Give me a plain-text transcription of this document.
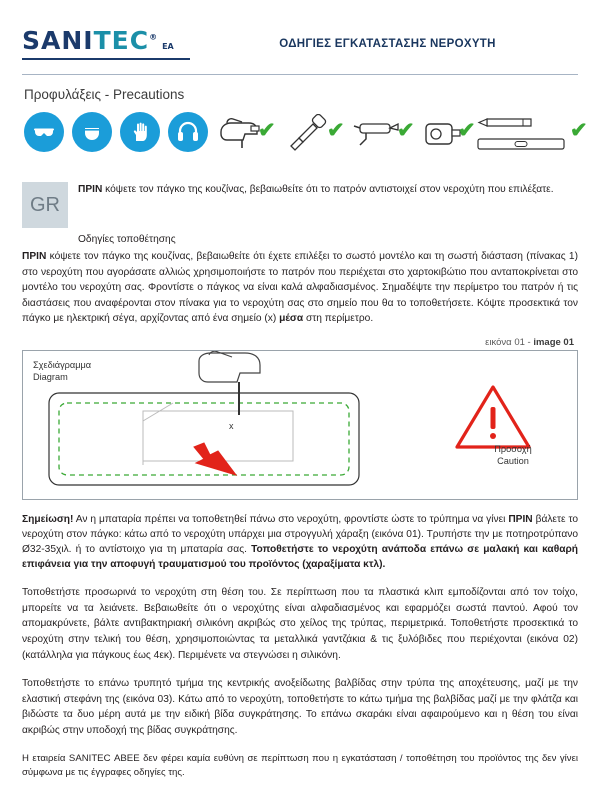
SANITEC®ΕΑ	ΟΔΗΓΙΕΣ ΕΓΚΑΤΑΣΤΑΣΗΣ ΝΕΡΟΧΥΤΗ
Προφυλάξεις - Precautions
✔
✔
✔
✔
✔
GR
ΠΡΙΝ κόψετε τον πάγκο της κουζίνας, βεβαιωθείτε ότι το πατρόν αντιστοιχεί στον νεροχύτη που επιλέξατε.
Οδηγίες τοποθέτησης
ΠΡΙΝ κόψετε τον πάγκο της κουζίνας, βεβαιωθείτε ότι έχετε επιλέξει το σωστό μοντέλο και τη σωστή διάσταση (πίνακας 1) στο νεροχύτη που αγοράσατε αλλιώς χρησιμοποιήστε το πατρόν που περιέχεται στο χαρτοκιβώτιο που ανταποκρίνεται στο μοντέλο του νεροχύτη σας. Φροντίστε ο πάγκος να είναι καλά αλφαδιασμένος. Σημαδέψτε την περίμετρο του πατρόν ή τις διαστάσεις που αναφέρονται στον πίνακα για το νεροχύτη σας στο σημείο που θα το τοποθετήσετε. Κόψτε προσεκτικά τον πάγκο με ηλεκτρική σέγα, αρχίζοντας από ένα σημείο (x) μέσα στη περίμετρο.
εικόνα 01 - image 01
Σχεδιάγραμμα
Diagram
x
Προσοχή
Caution
Σημείωση! Αν η μπαταρία πρέπει να τοποθετηθεί πάνω στο νεροχύτη, φροντίστε ώστε το τρύπημα να γίνει ΠΡΙΝ βάλετε το νεροχύτη στον πάγκο: κάτω από το νεροχύτη υπάρχει μια στρογγυλή χάραξη (εικόνα 01). Τρυπήστε την με ποτηροτρύπανο Ø32-35χιλ. ή το αντίστοιχο για τη μπαταρία σας. Τοποθετήστε το νεροχύτη ανάποδα επάνω σε μαλακή και καθαρή επιφάνεια για την αποφυγή τραυματισμού του προϊόντος (χαραξίματα κτλ).
Τοποθετήστε προσωρινά το νεροχύτη στη θέση του. Σε περίπτωση που τα πλαστικά κλιπ εμποδίζονται από τον τοίχο, μπορείτε να τα λειάνετε. Βεβαιωθείτε ότι ο νεροχύτης είναι αλφαδιασμένος και εφαρμόζει σωστά παντού. Αφού τον απομακρύνετε, βάλτε αντιβακτηριακή σιλικόνη ακριβώς στο χείλος της τρύπας, περιμετρικά. Τοποθετήστε προσεκτικά το νεροχύτη στην τελική του θέση, χρησιμοποιώντας τα μεταλλικά γαντζάκια & τις ξυλόβιδες που περιέχονται (εικόνα 02) (κατάλληλα για πάγκους έως 4εκ). Περιμένετε να στεγνώσει η σιλικόνη.
Τοποθετήστε το επάνω τρυπητό τμήμα της κεντρικής ανοξείδωτης βαλβίδας στην τρύπα της αποχέτευσης, μαζί με την ελαστική στεφάνη της (εικόνα 03). Κάτω από το νεροχύτη, τοποθετήστε το κάτω τμήμα της βαλβίδας μαζί με την φλάτζα και βιδώστε τα δυο μέρη αυτά με την ειδική βίδα συγκράτησης. Το επάνω σκαράκι είναι αφαιρούμενο και η θέση του είναι ακριβώς στην υποδοχή της βίδας συγκράτησης.
Η εταιρεία SANITEC ΑΒΕΕ δεν φέρει καμία ευθύνη σε περίπτωση που η εγκατάσταση / τοποθέτηση του προϊόντος της δεν γίνει σύμφωνα με τις έγγραφες οδηγίες της.
